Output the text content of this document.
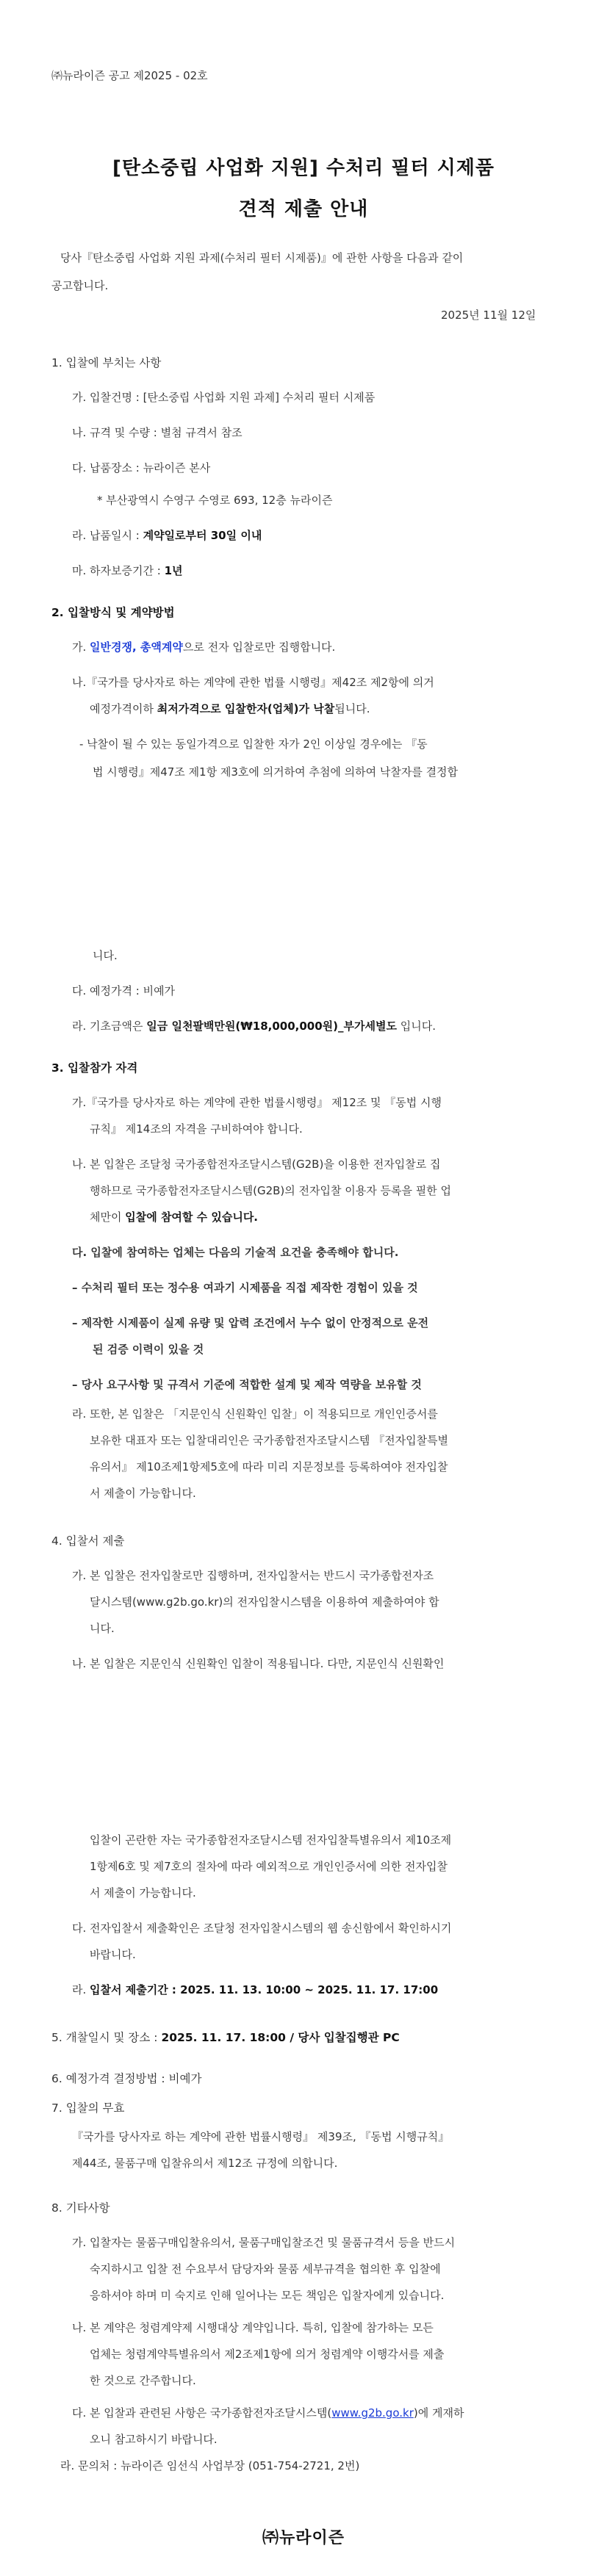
㈜뉴라이즌 공고 제2025 - 02호
[탄소중립 사업화 지원] 수처리 필터 시제품
견적 제출 안내
당사『탄소중립 사업화 지원 과제(수처리 필터 시제품)』에 관한 사항을 다음과 같이
공고합니다.
2025년 11월 12일
1. 입찰에 부치는 사항
가. 입찰건명 : [탄소중립 사업화 지원 과제] 수처리 필터 시제품
나. 규격 및 수량 : 별첨 규격서 참조
다. 납품장소 : 뉴라이즌 본사
* 부산광역시 수영구 수영로 693, 12층 뉴라이즌
라. 납품일시 : 계약일로부터 30일 이내
마. 하자보증기간 : 1년
2. 입찰방식 및 계약방법
가. 일반경쟁, 총액계약으로 전자 입찰로만 집행합니다.
나.『국가를 당사자로 하는 계약에 관한 법률 시행령』제42조 제2항에 의거
예정가격이하 최저가격으로 입찰한자(업체)가 낙찰됩니다.
- 낙찰이 될 수 있는 동일가격으로 입찰한 자가 2인 이상일 경우에는 『동
법 시행령』제47조 제1항 제3호에 의거하여 추첨에 의하여 낙찰자를 결정합
니다.
다. 예정가격 : 비예가
라. 기초금액은 일금 일천팔백만원(₩18,000,000원)_부가세별도 입니다.
3. 입찰참가 자격
가.『국가를 당사자로 하는 계약에 관한 법률시행령』 제12조 및 『동법 시행
규칙』 제14조의 자격을 구비하여야 합니다.
나. 본 입찰은 조달청 국가종합전자조달시스템(G2B)을 이용한 전자입찰로 집
행하므로 국가종합전자조달시스템(G2B)의 전자입찰 이용자 등록을 필한 업
체만이 입찰에 참여할 수 있습니다.
다. 입찰에 참여하는 업체는 다음의 기술적 요건을 충족해야 합니다.
– 수처리 필터 또는 정수용 여과기 시제품을 직접 제작한 경험이 있을 것
– 제작한 시제품이 실제 유량 및 압력 조건에서 누수 없이 안정적으로 운전
된 검증 이력이 있을 것
– 당사 요구사항 및 규격서 기준에 적합한 설계 및 제작 역량을 보유할 것
라. 또한, 본 입찰은 「지문인식 신원확인 입찰」이 적용되므로 개인인증서를
보유한 대표자 또는 입찰대리인은 국가종합전자조달시스템 『전자입찰특별
유의서』 제10조제1항제5호에 따라 미리 지문정보를 등록하여야 전자입찰
서 제출이 가능합니다.
4. 입찰서 제출
가. 본 입찰은 전자입찰로만 집행하며, 전자입찰서는 반드시 국가종합전자조
달시스템(www.g2b.go.kr)의 전자입찰시스템을 이용하여 제출하여야 합
니다.
나. 본 입찰은 지문인식 신원확인 입찰이 적용됩니다. 다만, 지문인식 신원확인
입찰이 곤란한 자는 국가종합전자조달시스템 전자입찰특별유의서 제10조제
1항제6호 및 제7호의 절차에 따라 예외적으로 개인인증서에 의한 전자입찰
서 제출이 가능합니다.
다. 전자입찰서 제출확인은 조달청 전자입찰시스템의 웹 송신함에서 확인하시기
바랍니다.
라. 입찰서 제출기간 : 2025. 11. 13. 10:00 ~ 2025. 11. 17. 17:00
5. 개찰일시 및 장소 : 2025. 11. 17. 18:00 / 당사 입찰집행관 PC
6. 예정가격 결정방법 : 비예가
7. 입찰의 무효
『국가를 당사자로 하는 계약에 관한 법률시행령』 제39조, 『동법 시행규칙』
제44조, 물품구매 입찰유의서 제12조 규정에 의합니다.
8. 기타사항
가. 입찰자는 물품구매입찰유의서, 물품구매입찰조건 및 물품규격서 등을 반드시
숙지하시고 입찰 전 수요부서 담당자와 물품 세부규격을 협의한 후 입찰에
응하셔야 하며 미 숙지로 인해 일어나는 모든 책임은 입찰자에게 있습니다.
나. 본 계약은 청렴계약제 시행대상 계약입니다. 특히, 입찰에 참가하는 모든
업체는 청렴계약특별유의서 제2조제1항에 의거 청렴계약 이행각서를 제출
한 것으로 간주합니다.
다. 본 입찰과 관련된 사항은 국가종합전자조달시스템(www.g2b.go.kr)에 게재하
오니 참고하시기 바랍니다.
라. 문의처 : 뉴라이즌 임선식 사업부장 (051-754-2721, 2번)
㈜뉴라이즌
